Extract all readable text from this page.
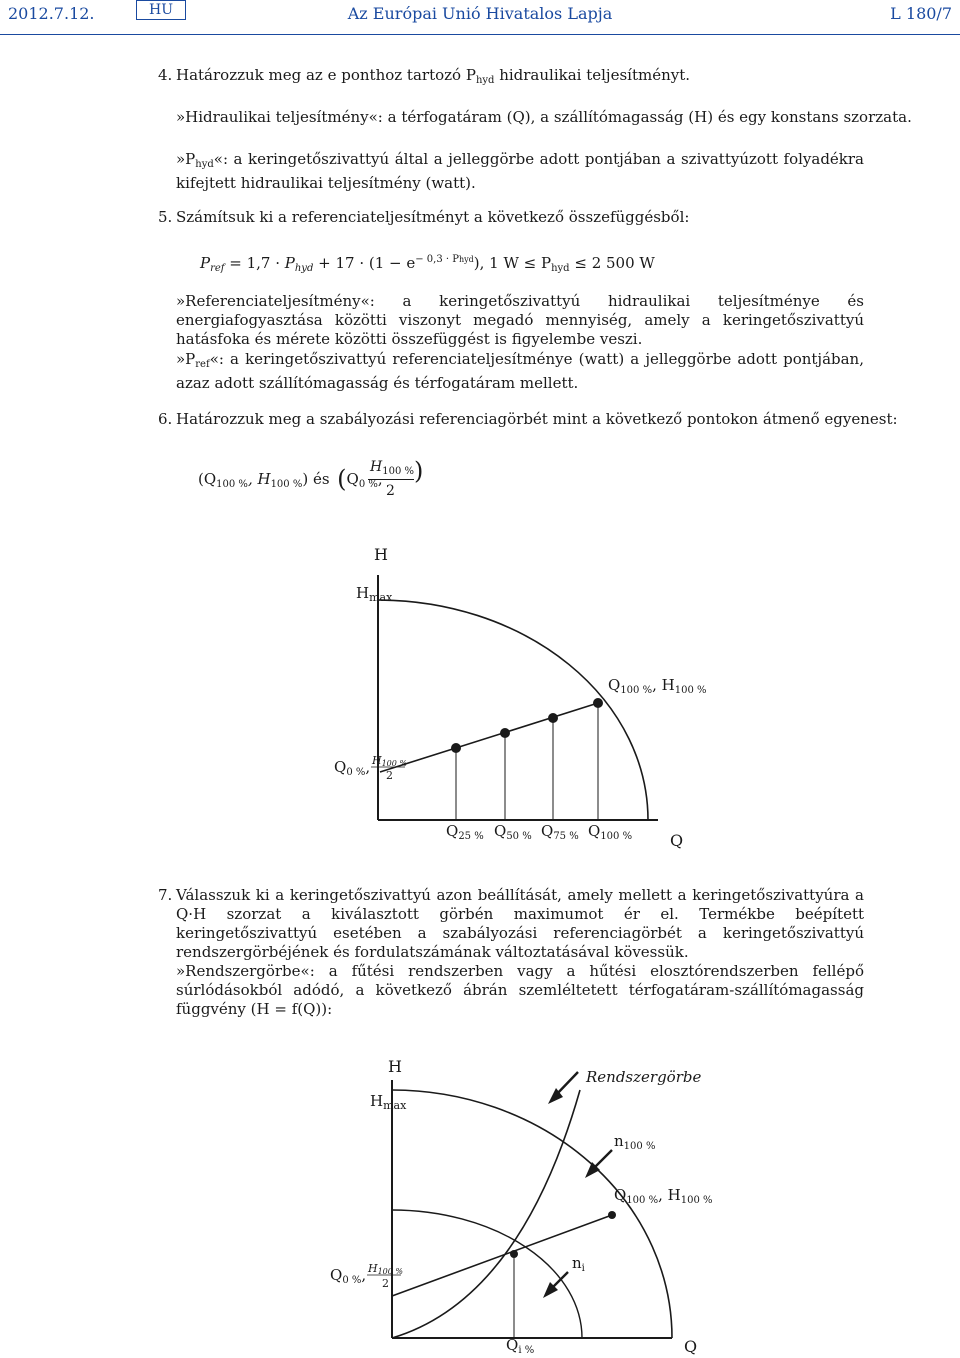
2012.7.12.	HU	Az Európai Unió Hivatalos Lapja	L 180/7
4. Határozzuk meg az e ponthoz tartozó $P_{hyd}$ hidraulikai teljesítményt.
»Hidraulikai teljesítmény«: a térfogatáram (Q), a szállítómagasság (H) és egy konstans szorzata.
$»P_{hyd}«$: a keringetőszivattyú által a jelleggörbe adott pontjában a szivattyúzott folyadékra kifejtett hidraulikai teljesítmény (watt).
5. Számítsuk ki a referenciateljesítményt a következő összefüggésből:
$P_{ref} = 1,7 \cdot P_{hyd} + 17 \cdot (1 - e^{- 0,3 \cdot Phyd})$, 1 $W \le P_{hyd} \le 2$ 500 W
»Referenciateljesítmény«: a keringetőszivattyú hidraulikai teljesítménye és energiafogyasztása közötti viszonyt megadó mennyiség, amely a keringetőszivattyú hatásfoka és mérete közötti összefüggést is figyelembe veszi.
$»P_{ref}«$: a keringetőszivattyú referenciateljesítménye (watt) a jelleggörbe adott pontjában, azaz adott szállítómagasság és térfogatáram mellett.
6. Határozzuk meg a szabályozási referenciagörbét mint a következő pontokon átmenő egyenest:
($Q_{100 \%}$, $H_{100 \%}$) és ($Q_{0 \%}$,
$H_{100 \%}$
2
)
H
$H_{max}$
$Q_{100 \%}$, $H_{100 \%}$
$Q_{0 \%}$, H100 %
2
$Q_{25 \%}$ $Q_{50 \%}$ $Q_{75 \%}$ $Q_{100 \%}$ Q
H
$H_{max}$
Rendszergörbe
$n_{100 \%}$
$Q_{100 \%}$, $H_{100 \%}$
$Q_{0 \%}$, H100 %
2
$n_i$
$Q_{i \%}$	Q
7. Válasszuk ki a keringetőszivattyú azon beállítását, amely mellett a keringetőszivattyúra a Q·H szorzat a kiválasztott görbén maximumot ér el. Termékbe beépített keringetőszivattyú esetében a szabályozási referenciagörbét a keringetőszivattyú rendszergörbéjének és fordulatszámának változtatásával kövessük.
»Rendszergörbe«: a fűtési rendszerben vagy a hűtési elosztórendszerben fellépő súrlódásokból adódó, a következő ábrán szemléltetett térfogatáram-szállítómagasság függvény (H = f(Q)):
